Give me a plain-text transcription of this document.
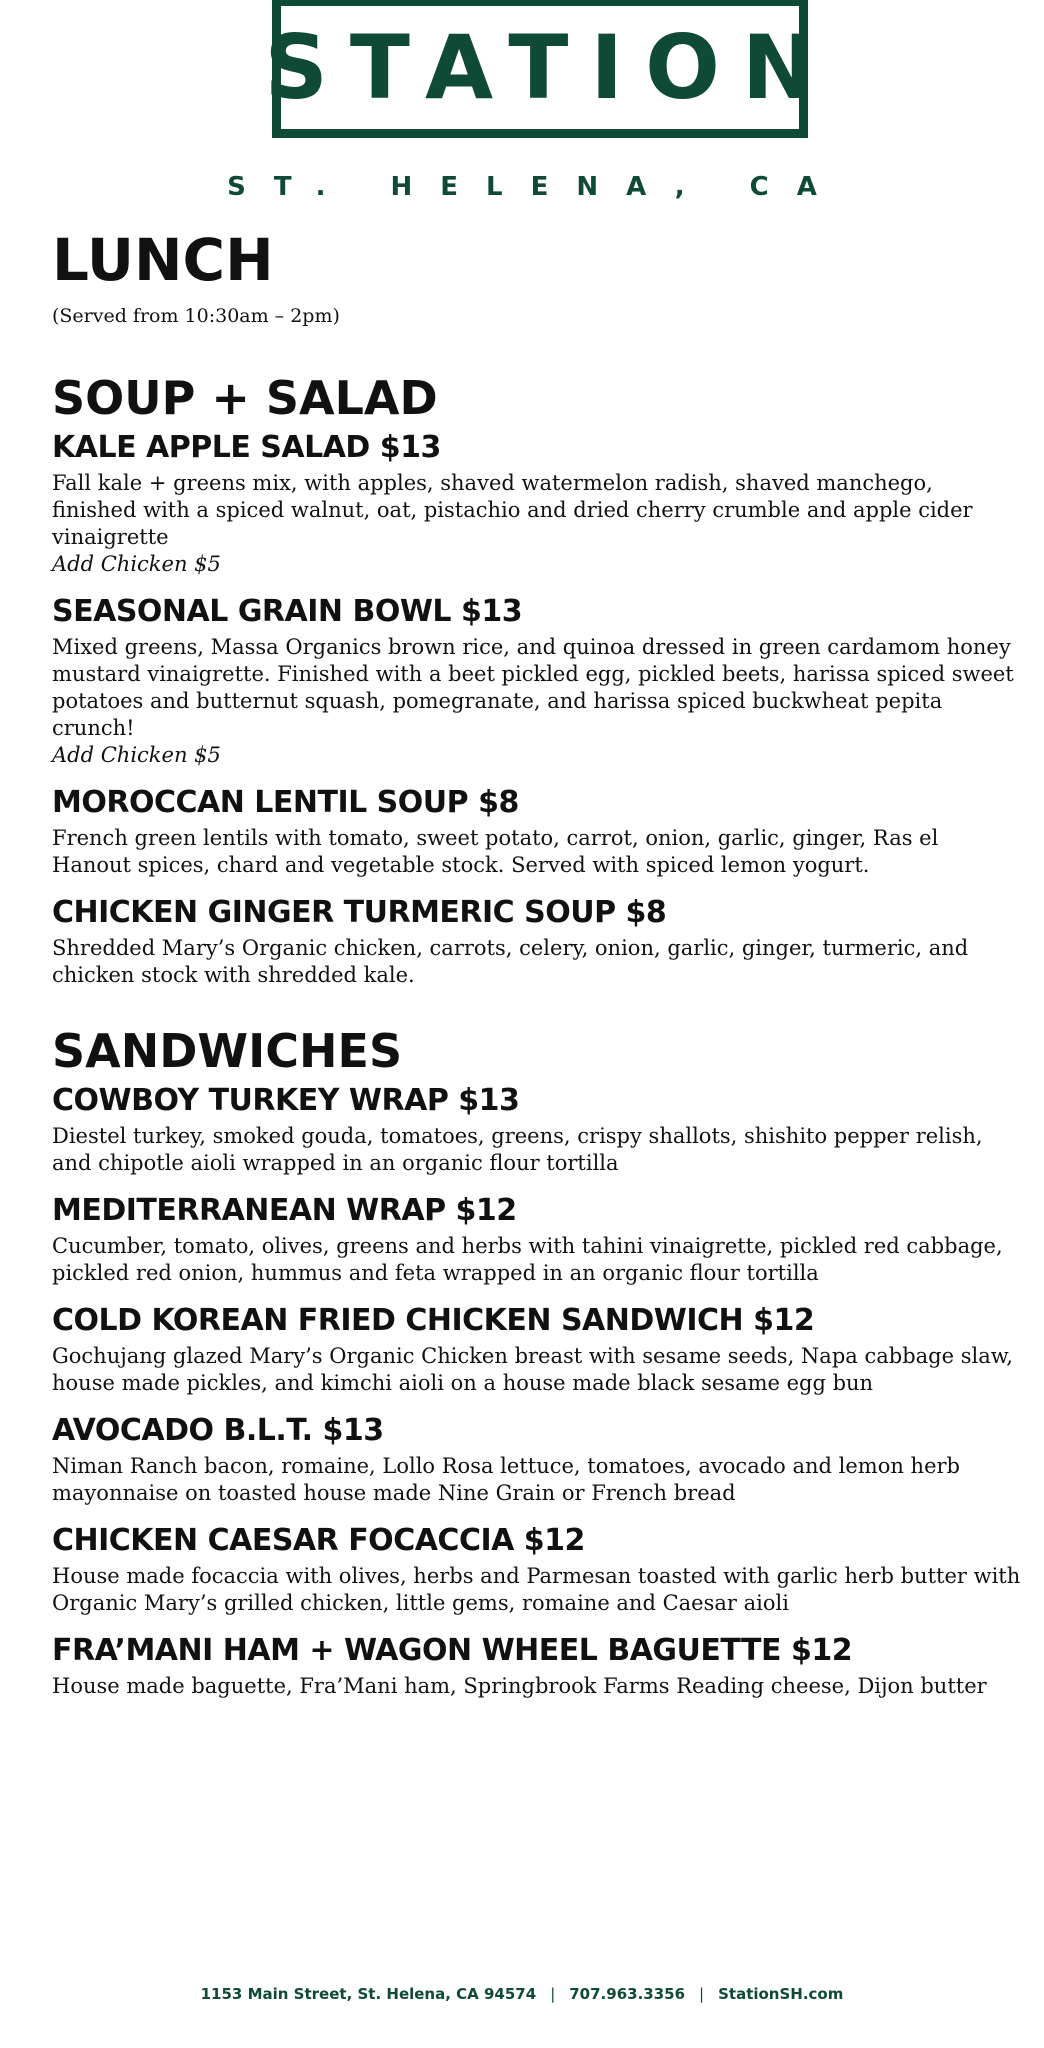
STATION
ST. HELENA, CA
LUNCH
(Served from 10:30am – 2pm)
SOUP + SALAD
KALE APPLE SALAD $13
Fall kale + greens mix, with apples, shaved watermelon radish, shaved manchego, finished with a spiced walnut, oat, pistachio and dried cherry crumble and apple cider vinaigrette
Add Chicken $5
SEASONAL GRAIN BOWL $13
Mixed greens, Massa Organics brown rice, and quinoa dressed in green cardamom honey mustard vinaigrette. Finished with a beet pickled egg, pickled beets, harissa spiced sweet potatoes and butternut squash, pomegranate, and harissa spiced buckwheat pepita crunch!
Add Chicken $5
MOROCCAN LENTIL SOUP $8
French green lentils with tomato, sweet potato, carrot, onion, garlic, ginger, Ras el Hanout spices, chard and vegetable stock. Served with spiced lemon yogurt.
CHICKEN GINGER TURMERIC SOUP $8
Shredded Mary’s Organic chicken, carrots, celery, onion, garlic, ginger, turmeric, and chicken stock with shredded kale.
SANDWICHES
COWBOY TURKEY WRAP $13
Diestel turkey, smoked gouda, tomatoes, greens, crispy shallots, shishito pepper relish, and chipotle aioli wrapped in an organic flour tortilla
MEDITERRANEAN WRAP $12
Cucumber, tomato, olives, greens and herbs with tahini vinaigrette, pickled red cabbage, pickled red onion, hummus and feta wrapped in an organic flour tortilla
COLD KOREAN FRIED CHICKEN SANDWICH $12
Gochujang glazed Mary’s Organic Chicken breast with sesame seeds, Napa cabbage slaw, house made pickles, and kimchi aioli on a house made black sesame egg bun
AVOCADO B.L.T. $13
Niman Ranch bacon, romaine, Lollo Rosa lettuce, tomatoes, avocado and lemon herb mayonnaise on toasted house made Nine Grain or French bread
CHICKEN CAESAR FOCACCIA $12
House made focaccia with olives, herbs and Parmesan toasted with garlic herb butter with Organic Mary’s grilled chicken, little gems, romaine and Caesar aioli
FRA’MANI HAM + WAGON WHEEL BAGUETTE $12
House made baguette, Fra’Mani ham, Springbrook Farms Reading cheese, Dijon butter
1153 Main Street, St. Helena, CA 94574 | 707.963.3356 | StationSH.com
